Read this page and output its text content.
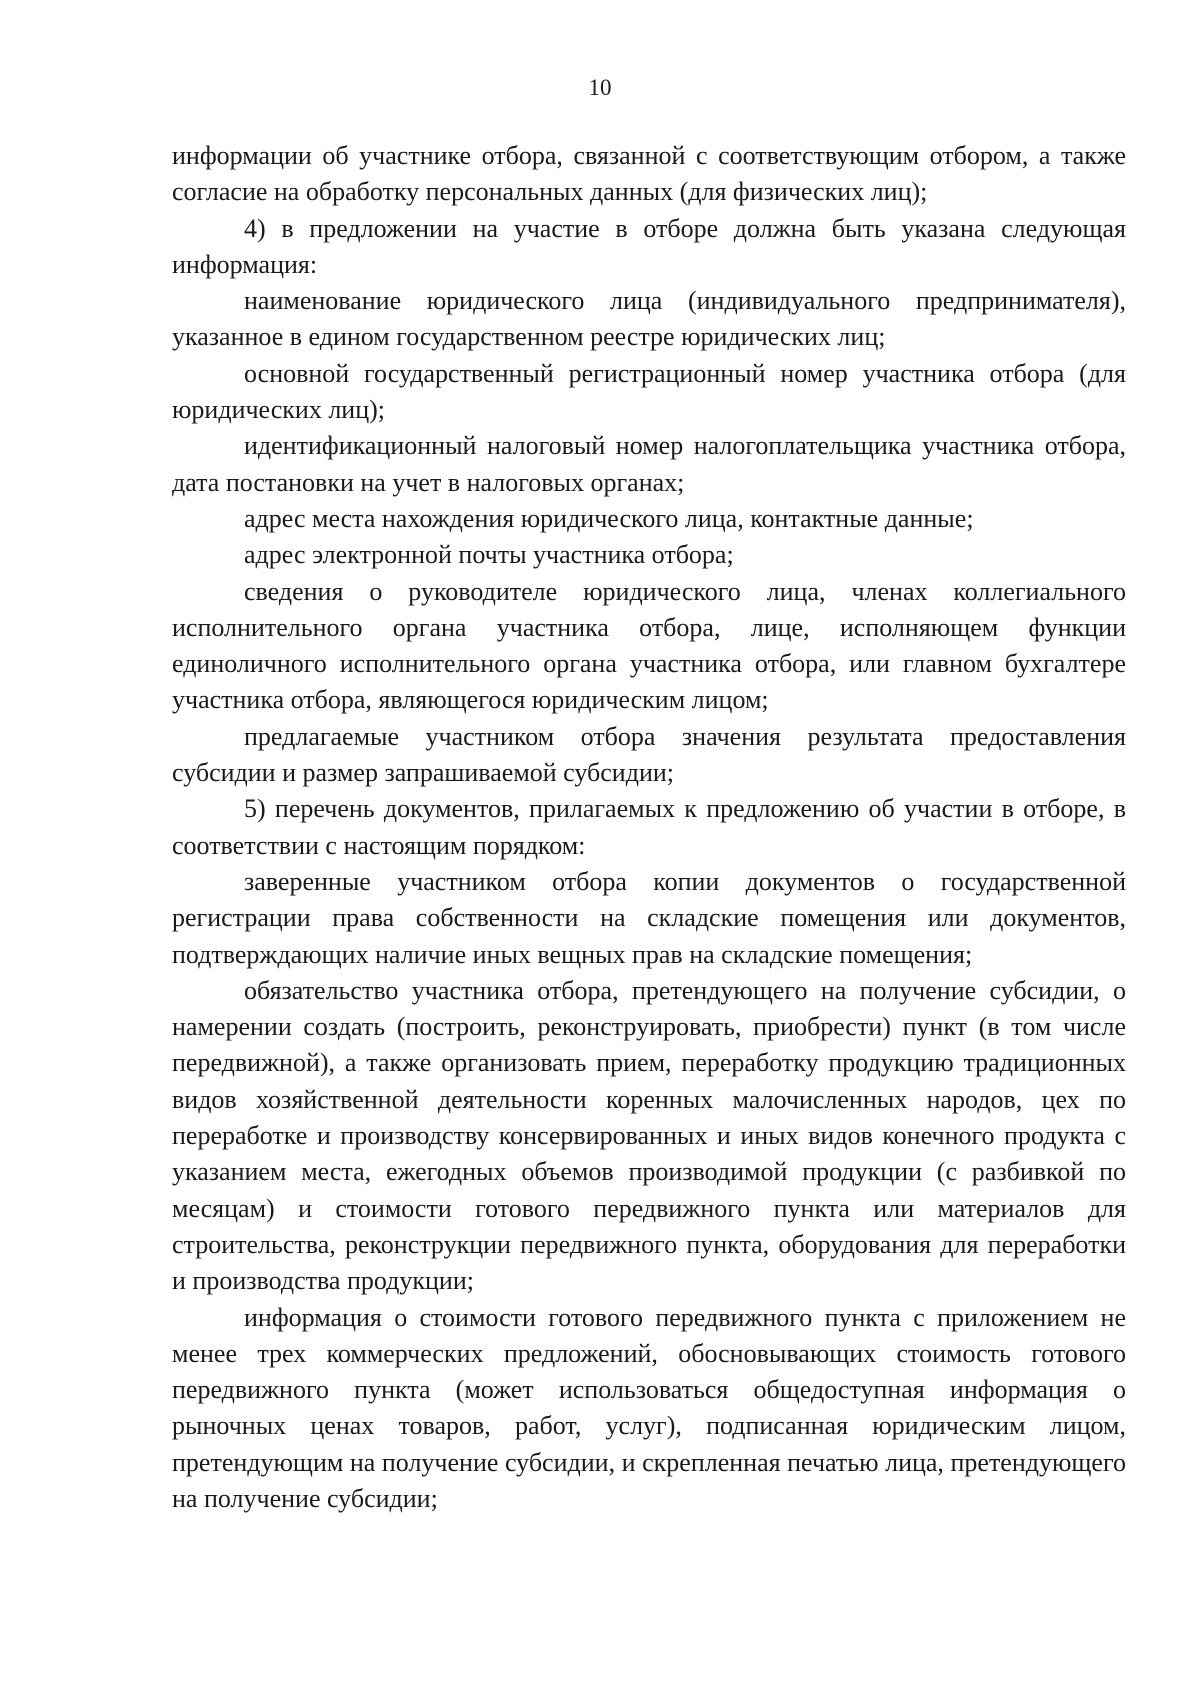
10

информации об участнике отбора, связанной с соответствующим отбором, а также согласие на обработку персональных данных (для физических лиц);

4) в предложении на участие в отборе должна быть указана следующая информация:

наименование юридического лица (индивидуального предпринимателя), указанное в едином государственном реестре юридических лиц;

основной государственный регистрационный номер участника отбора (для юридических лиц);

идентификационный налоговый номер налогоплательщика участника отбора, дата постановки на учет в налоговых органах;

адрес места нахождения юридического лица, контактные данные;

адрес электронной почты участника отбора;

сведения о руководителе юридического лица, членах коллегиального исполнительного органа участника отбора, лице, исполняющем функции единоличного исполнительного органа участника отбора, или главном бухгалтере участника отбора, являющегося юридическим лицом;

предлагаемые участником отбора значения результата предоставления субсидии и размер запрашиваемой субсидии;

5) перечень документов, прилагаемых к предложению об участии в отборе, в соответствии с настоящим порядком:

заверенные участником отбора копии документов о государственной регистрации права собственности на складские помещения или документов, подтверждающих наличие иных вещных прав на складские помещения;

обязательство участника отбора, претендующего на получение субсидии, о намерении создать (построить, реконструировать, приобрести) пункт (в том числе передвижной), а также организовать прием, переработку продукцию традиционных видов хозяйственной деятельности коренных малочисленных народов, цех по переработке и производству консервированных и иных видов конечного продукта с указанием места, ежегодных объемов производимой продукции (с разбивкой по месяцам) и стоимости готового передвижного пункта или материалов для строительства, реконструкции передвижного пункта, оборудования для переработки и производства продукции;

информация о стоимости готового передвижного пункта с приложением не менее трех коммерческих предложений, обосновывающих стоимость готового передвижного пункта (может использоваться общедоступная информация о рыночных ценах товаров, работ, услуг), подписанная юридическим лицом, претендующим на получение субсидии, и скрепленная печатью лица, претендующего на получение субсидии;
